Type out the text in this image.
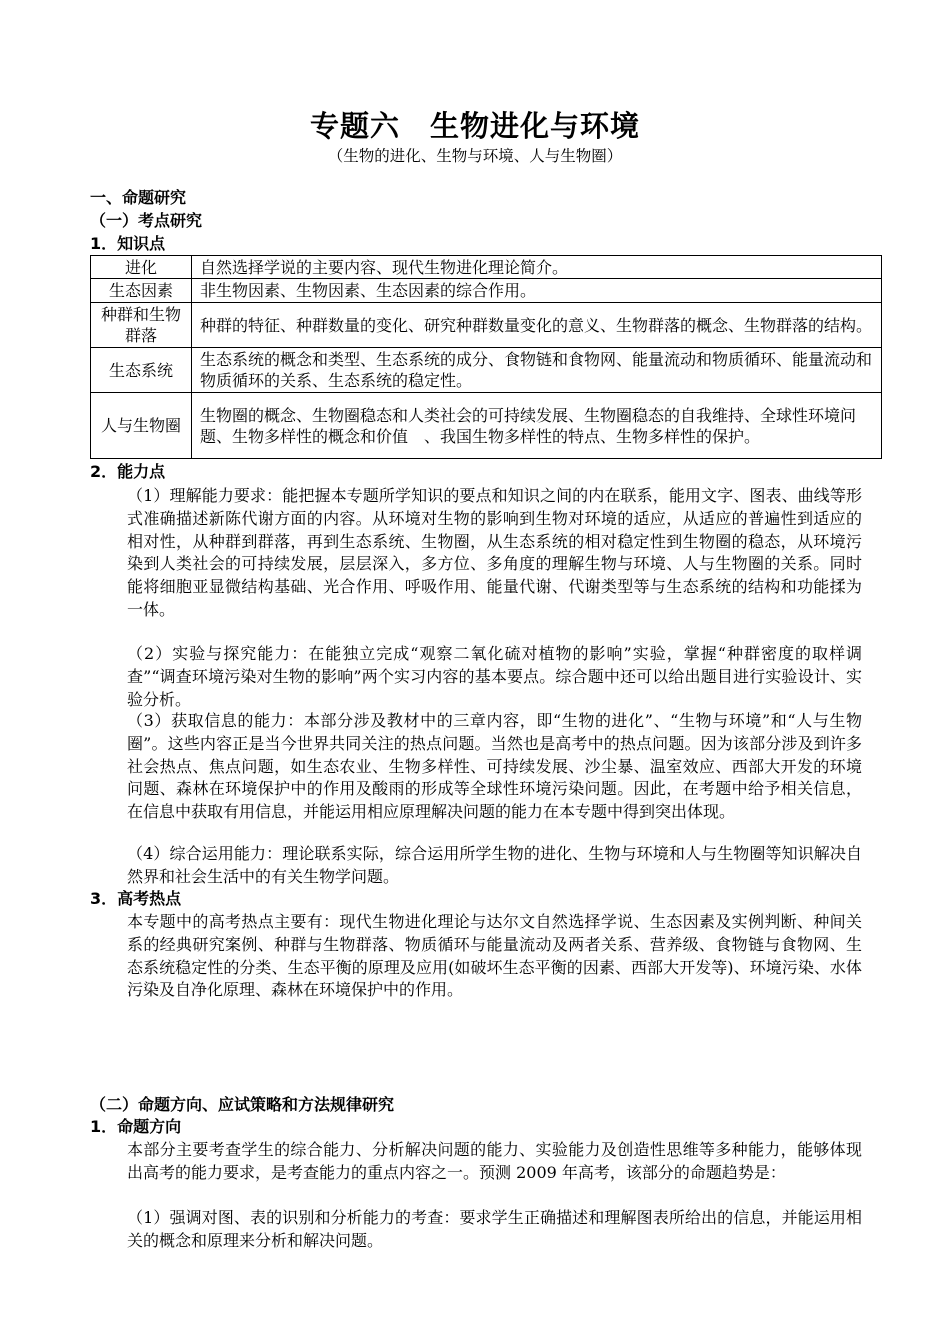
专题六　生物进化与环境
（生物的进化、生物与环境、人与生物圈）
一、命题研究
（一）考点研究
1．知识点
进化	自然选择学说的主要内容、现代生物进化理论简介。
生态因素	非生物因素、生物因素、生态因素的综合作用。
种群和生物群落	种群的特征、种群数量的变化、研究种群数量变化的意义、生物群落的概念、生物群落的结构。
生态系统	生态系统的概念和类型、生态系统的成分、食物链和食物网、能量流动和物质循环、能量流动和物质循环的关系、生态系统的稳定性。
人与生物圈	生物圈的概念、生物圈稳态和人类社会的可持续发展、生物圈稳态的自我维持、全球性环境问题、生物多样性的概念和价值　、我国生物多样性的特点、生物多样性的保护。
2．能力点

（1）理解能力要求：能把握本专题所学知识的要点和知识之间的内在联系，能用文字、图表、曲线等形式准确描述新陈代谢方面的内容。从环境对生物的影响到生物对环境的适应，从适应的普遍性到适应的相对性，从种群到群落，再到生态系统、生物圈，从生态系统的相对稳定性到生物圈的稳态，从环境污染到人类社会的可持续发展，层层深入，多方位、多角度的理解生物与环境、人与生物圈的关系。同时能将细胞亚显微结构基础、光合作用、呼吸作用、能量代谢、代谢类型等与生态系统的结构和功能揉为一体。

（2）实验与探究能力：在能独立完成“观察二氧化硫对植物的影响”实验，掌握“种群密度的取样调查”“调查环境污染对生物的影响”两个实习内容的基本要点。综合题中还可以给出题目进行实验设计、实验分析。

（3）获取信息的能力：本部分涉及教材中的三章内容，即“生物的进化”、“生物与环境”和“人与生物圈”。这些内容正是当今世界共同关注的热点问题。当然也是高考中的热点问题。因为该部分涉及到许多社会热点、焦点问题，如生态农业、生物多样性、可持续发展、沙尘暴、温室效应、西部大开发的环境问题、森林在环境保护中的作用及酸雨的形成等全球性环境污染问题。因此，在考题中给予相关信息，在信息中获取有用信息，并能运用相应原理解决问题的能力在本专题中得到突出体现。

（4）综合运用能力：理论联系实际，综合运用所学生物的进化、生物与环境和人与生物圈等知识解决自然界和社会生活中的有关生物学问题。

3．高考热点

本专题中的高考热点主要有：现代生物进化理论与达尔文自然选择学说、生态因素及实例判断、种间关系的经典研究案例、种群与生物群落、物质循环与能量流动及两者关系、营养级、食物链与食物网、生态系统稳定性的分类、生态平衡的原理及应用(如破坏生态平衡的因素、西部大开发等)、环境污染、水体污染及自净化原理、森林在环境保护中的作用。

（二）命题方向、应试策略和方法规律研究
1．命题方向

本部分主要考查学生的综合能力、分析解决问题的能力、实验能力及创造性思维等多种能力，能够体现出高考的能力要求，是考查能力的重点内容之一。预测 2009 年高考，该部分的命题趋势是：

（1）强调对图、表的识别和分析能力的考查：要求学生正确描述和理解图表所给出的信息，并能运用相关的概念和原理来分析和解决问题。
